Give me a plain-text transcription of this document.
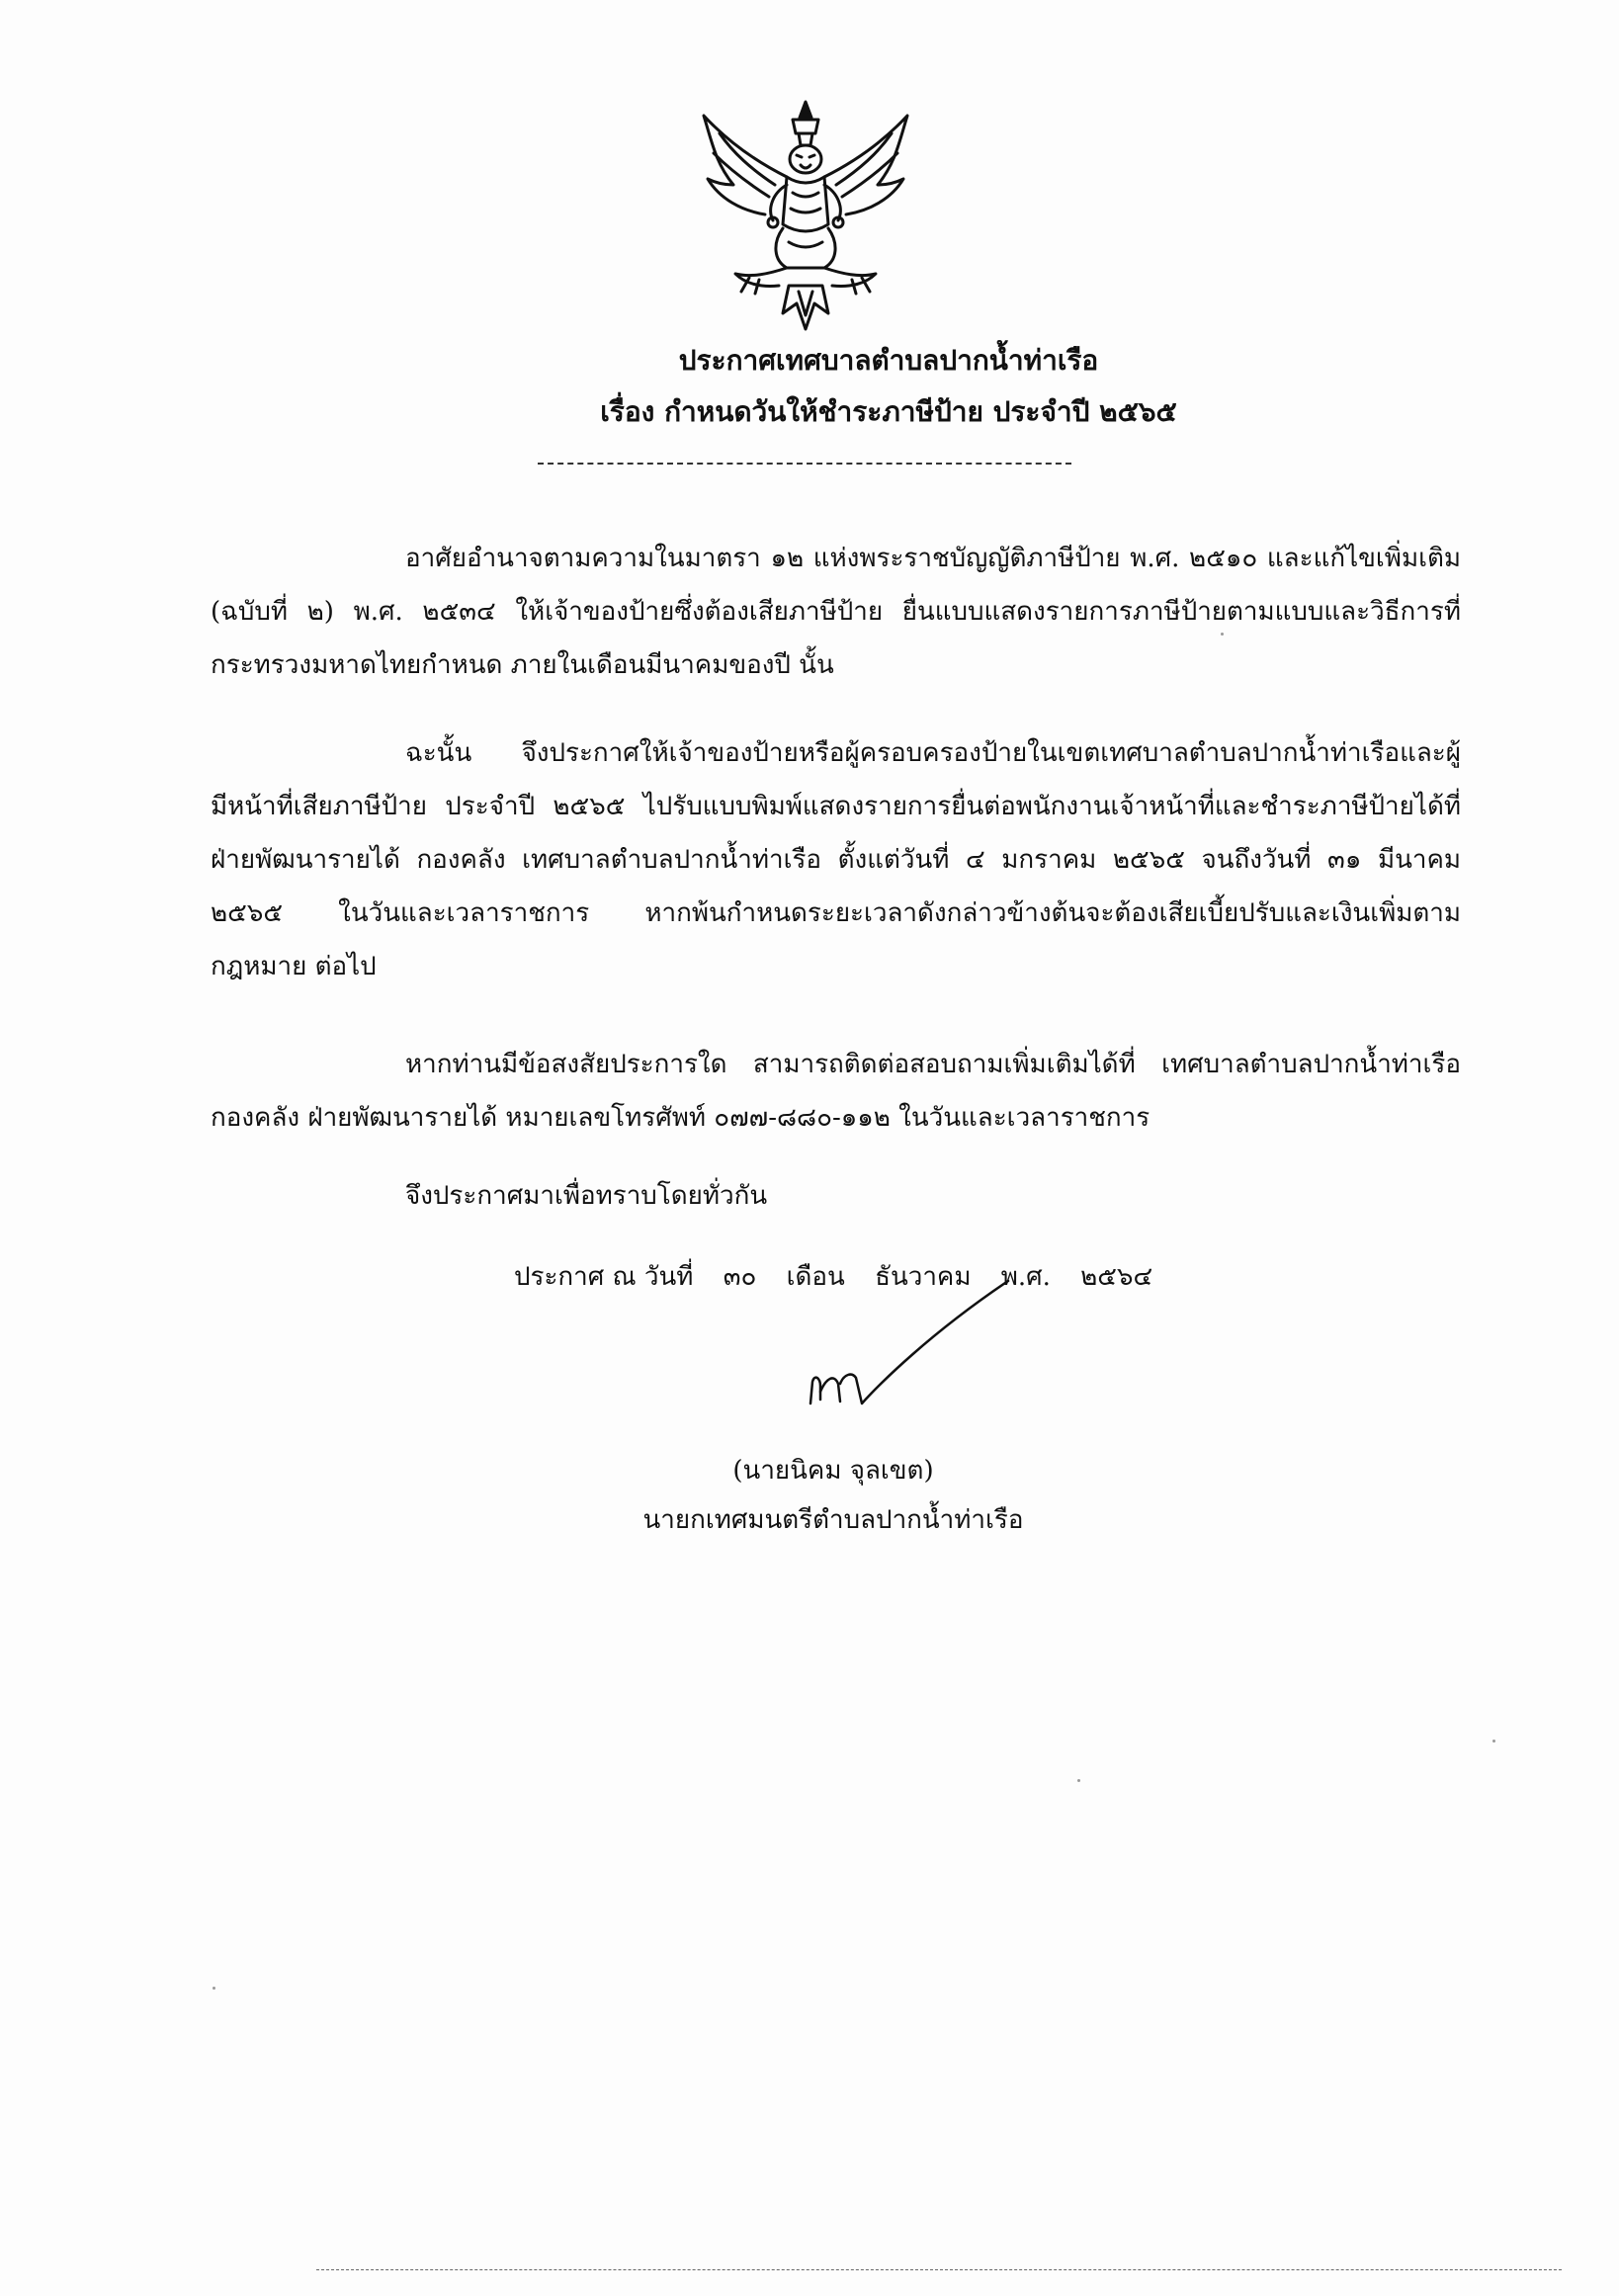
ประกาศเทศบาลตำบลปากน้ำท่าเรือ
เรื่อง กำหนดวันให้ชำระภาษีป้าย ประจำปี ๒๕๖๕
อาศัยอำนาจตามความในมาตรา ๑๒ แห่งพระราชบัญญัติภาษีป้าย พ.ศ. ๒๕๑๐ และแก้ไขเพิ่มเติม (ฉบับที่ ๒) พ.ศ. ๒๕๓๔ ให้เจ้าของป้ายซึ่งต้องเสียภาษีป้าย ยื่นแบบแสดงรายการภาษีป้ายตามแบบและวิธีการที่กระทรวงมหาดไทยกำหนด ภายในเดือนมีนาคมของปี นั้น
ฉะนั้น จึงประกาศให้เจ้าของป้ายหรือผู้ครอบครองป้ายในเขตเทศบาลตำบลปากน้ำท่าเรือและผู้มีหน้าที่เสียภาษีป้าย ประจำปี ๒๕๖๕ ไปรับแบบพิมพ์แสดงรายการยื่นต่อพนักงานเจ้าหน้าที่และชำระภาษีป้ายได้ที่ ฝ่ายพัฒนารายได้ กองคลัง เทศบาลตำบลปากน้ำท่าเรือ ตั้งแต่วันที่ ๔ มกราคม ๒๕๖๕ จนถึงวันที่ ๓๑ มีนาคม ๒๕๖๕ ในวันและเวลาราชการ หากพ้นกำหนดระยะเวลาดังกล่าวข้างต้นจะต้องเสียเบี้ยปรับและเงินเพิ่มตามกฎหมาย ต่อไป
หากท่านมีข้อสงสัยประการใด สามารถติดต่อสอบถามเพิ่มเติมได้ที่ เทศบาลตำบลปากน้ำท่าเรือ กองคลัง ฝ่ายพัฒนารายได้ หมายเลขโทรศัพท์ ๐๗๗-๘๘๐-๑๑๒ ในวันและเวลาราชการ
จึงประกาศมาเพื่อทราบโดยทั่วกัน
ประกาศ ณ วันที่ ๓๐ เดือน ธันวาคม พ.ศ. ๒๕๖๔
(นายนิคม จุลเขต)
นายกเทศมนตรีตำบลปากน้ำท่าเรือ
